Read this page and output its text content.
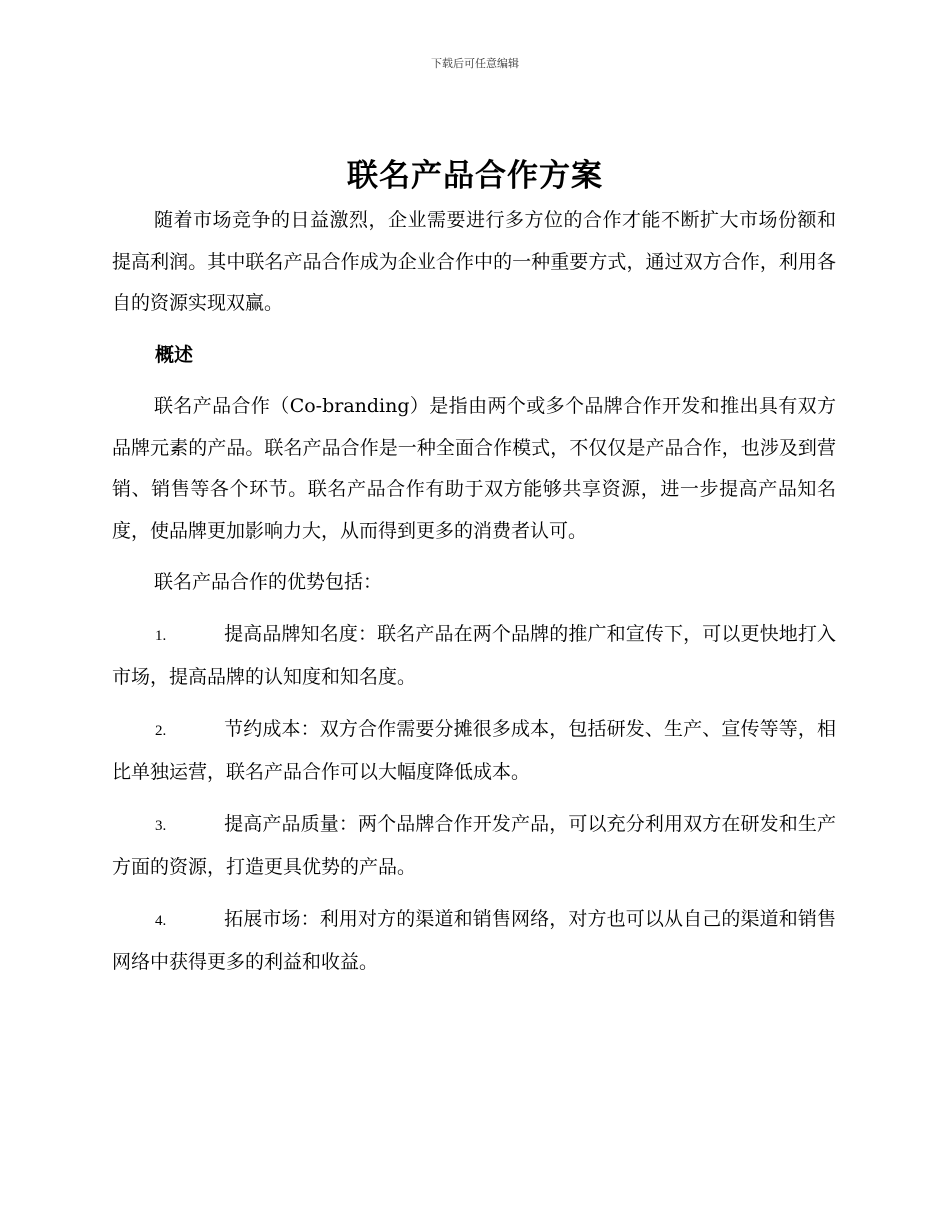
下载后可任意编辑
联名产品合作方案

随着市场竞争的日益激烈，企业需要进行多方位的合作才能不断扩大市场份额和提高利润。其中联名产品合作成为企业合作中的一种重要方式，通过双方合作，利用各自的资源实现双赢。

概述

联名产品合作（Co-branding）是指由两个或多个品牌合作开发和推出具有双方品牌元素的产品。联名产品合作是一种全面合作模式，不仅仅是产品合作，也涉及到营销、销售等各个环节。联名产品合作有助于双方能够共享资源，进一步提高产品知名度，使品牌更加影响力大，从而得到更多的消费者认可。

联名产品合作的优势包括：

1.	提高品牌知名度：联名产品在两个品牌的推广和宣传下，可以更快地打入市场，提高品牌的认知度和知名度。

2.	节约成本：双方合作需要分摊很多成本，包括研发、生产、宣传等等，相比单独运营，联名产品合作可以大幅度降低成本。

3.	提高产品质量：两个品牌合作开发产品，可以充分利用双方在研发和生产方面的资源，打造更具优势的产品。

4.	拓展市场：利用对方的渠道和销售网络，对方也可以从自己的渠道和销售网络中获得更多的利益和收益。
